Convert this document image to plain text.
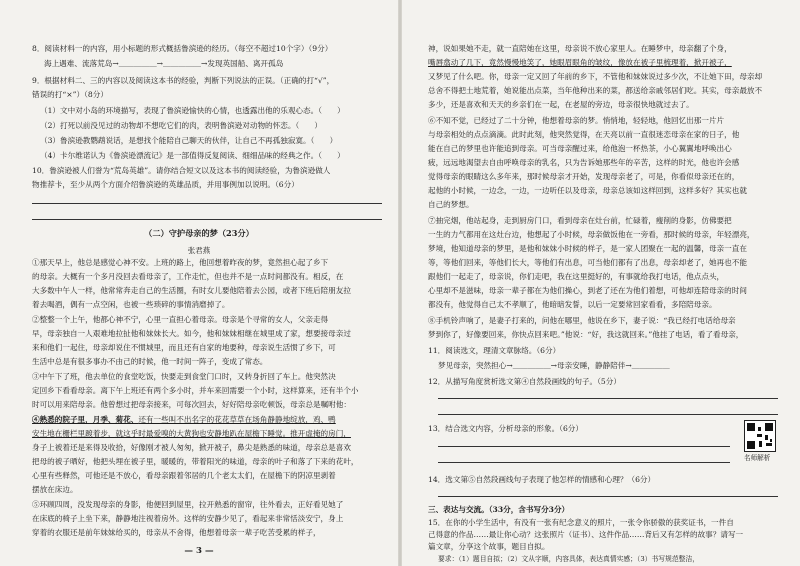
8．阅读材料一的内容，用小标题的形式概括鲁滨逊的经历。（每空不超过10个字）（9分）
海上遇难、流落荒岛→＿＿＿＿＿→＿＿＿＿＿→发现英国船、离开孤岛
9．根据材料二、三的内容以及阅读这本书的经验，判断下列说法的正误。（正确的打“√”，
错误的打“×”）（8分）
（1）文中对小岛的环境描写，表现了鲁滨逊愉快的心情，也透露出他的乐观心态。（　　）
（2）打死以前没见过的动物却不想吃它们的肉，表明鲁滨逊对动物的怀恋。（　　）
（3）鲁滨逊教鹦鹉说话，是想找个能陪自己聊天的伙伴，让自己不再孤独寂寞。（　　）
（4）卡尔维诺认为《鲁滨逊漂流记》是一部值得反复阅读、细细品味的经典之作。（　　）
10．鲁滨逊被人们誉为“荒岛英雄”。请你结合短文以及这本书的阅读经验，为鲁滨逊做人
物推荐卡，至少从两个方面介绍鲁滨逊的英雄品质，并用事例加以说明。（6分）
（二）守护母亲的梦（23分）
张君燕
①那天早上，他总是感觉心神不安。上班的路上，他回想着昨夜的梦，竟然担心起了乡下
的母亲。大概有一个多月没回去看母亲了，工作走忙，但也并不是一点时间都没有。相反，在
大多数中午人一样，他常常奔走自己的生活圈，有时女儿要他陪着去公园，或者下班后陪朋友拉
着去喝酒，偶有一点空闲，也被一些琐碎的事情消磨掉了。
②整整一个上午，他都心神不宁，心里一直担心着母亲。母亲是个寻常的女人，父亲走得
早，母亲独自一人艰难地拉扯他和妹妹长大。如今，他和妹妹相继在城里成了家，想要接母亲过
来和他们一起住，母亲却说住不惯城里，而且还有自家的地要种，母亲说生活惯了乡下，可
生活中总是有很多事办不由己的时候，他一时间一阵子，变成了常态。
③中午下了班，他去单位的食堂吃饭，快要走到食堂门口时，又转身折回了车上。他突然决
定回乡下看看母亲。离下午上班还有两个多小时，并车来回需要一个小时，这样算来，还有半个小
时可以用来陪母亲。他曾想过把母亲接来，可每次回去，好好陪母亲吃顿饭，母亲总是嘱咐他：
④熟悉的院子里，月季、菊花、还有一些叫不出名字的花花草草在场角静静地绽放，鸡、鸭
安生地在栅栏里踱着步，就这乎时最爱嗅的大黄狗也安静地趴在屋檐下睡觉。推开虚掩的房门，
身子上被着还是来得及收拾，好像刚才被人匆匆，掀开被子，鼻尖是熟悉的味道，母亲总是喜欢
把母的被子晒好，他把头埋在被子里，暖暖的，带着阳光的味道，母亲的叶子和落了下来的花叶，
心里有些释然，可他还是不放心，看母亲跟着邻居的几个老太太们，在屋檐下的阴凉里剥着
摆放在床边。
⑤环顾四周，没发现母亲的身影，他便回到屋里，拉开熟悉的窗帘，往外看去，正好看见她了
在床底的椅子上坐下来，静静地注视着房外。这样的安静少见了，看起来非常恬淡安宁，身上
穿着的衣服还是前年妹妹给买的，母亲从不舍得，他想着母亲一辈子吃苦受累的样子，
— 3 —
神，说如果她不走，就一直陪她在这里，母亲说不放心家里人。在睡梦中，母亲翻了个身，
嘴唇翕动了几下，竟然慢慢地笑了，她眼眉眼角的皱纹，像放在被子里梳理着，掀开被子，
又梦见了什么吧。你，母亲一定又回了年前的乡下，不管他和妹妹说过多少次，不让她下田，母亲却
总舍不得把土地荒着，她说能出点菜，当年他种出来的菜，都送给亲戚邻居们吃。其实，母亲最放不
多少，还是喜欢和天天的乡亲们在一起，在老屋的旁边，母亲很快地就过去了。
⑥不知不觉，已经过了二十分钟，他想着母亲的梦。悄悄地，轻轻地，他回忆出那一片片
与母亲相处的点点滴滴。此时此刻，他突然觉得，在天亮以前一直很迷恋母亲在家的日子，他
能在自己的梦里也许能追到母亲。可当母亲醒过来，给他泡一杯热茶，小心翼翼地呼唤出心
疲，远远地渴望去自由呼唤母亲的乳名，只为告诉她那些年的辛苦，这样的时光，他也许会感
觉得母亲的眼睛这么多年来，那时候母亲才开始，发现母亲老了，可是，你看似母亲还在的，
起他的小时候，一边念，一边，一边听任以及母亲，母亲总该如这样回到，这样多好？其实也就
自己的梦想。
⑦抽完烟，他站起身，走到厨房门口，看到母亲在灶台前，忙碌着，瘦削的身影，仿佛要把
一生的力气都用在这灶台边，他想起了小时候，母亲做饭他在一旁看，那时候的母亲，年轻漂亮，
梦境，他知道母亲的梦里，是他和妹妹小时候的样子，是一家人团聚在一起的温馨，母亲一直在
等，等他们回来，等他们长大，等他们有出息，可当他们都有了出息，母亲却老了，她再也不能
跟他们一起走了，母亲说，你们走吧，我在这里挺好的，有事就给我打电话，他点点头，
心里却不是滋味，母亲一辈子都在为他们操心，到老了还在为他们着想，可他却连陪母亲的时间
都没有，他觉得自己太不孝顺了，他暗暗发誓，以后一定要常回家看看，多陪陪母亲。
⑧手机铃声响了，是妻子打来的，问他在哪里，他说在乡下，妻子说：“我已经打电话给母亲
梦到你了，好像要回来，你快点回来吧。”他说：“好，我这就回来。”他挂了电话，看了看母亲，
11．阅读选文，理清文章脉络。（6分）
梦见母亲，突然担心→＿＿＿＿＿→母亲安睡，静静陪伴→＿＿＿＿＿
12．从描写角度赏析选文第④自然段画线的句子。（5分）
13．结合选文内容，分析母亲的形象。（6分）
名师解析
14．选文第⑤自然段画线句子表现了他怎样的情感和心理？（6分）
三、表达与交流。（33分，含书写分3分）
15．在你的小学生活中，有没有一张有纪念意义的照片，一张令你骄傲的获奖证书，一件自
己得意的作品……最让你心动？这张照片（证书）、这件作品……背后又有怎样的故事？请写一
篇文章，分享这个故事，题目自拟。
要求：（1）题目自拟；（2）文从字顺，内容具体，表达真情实感；（3）书写规范整洁，
